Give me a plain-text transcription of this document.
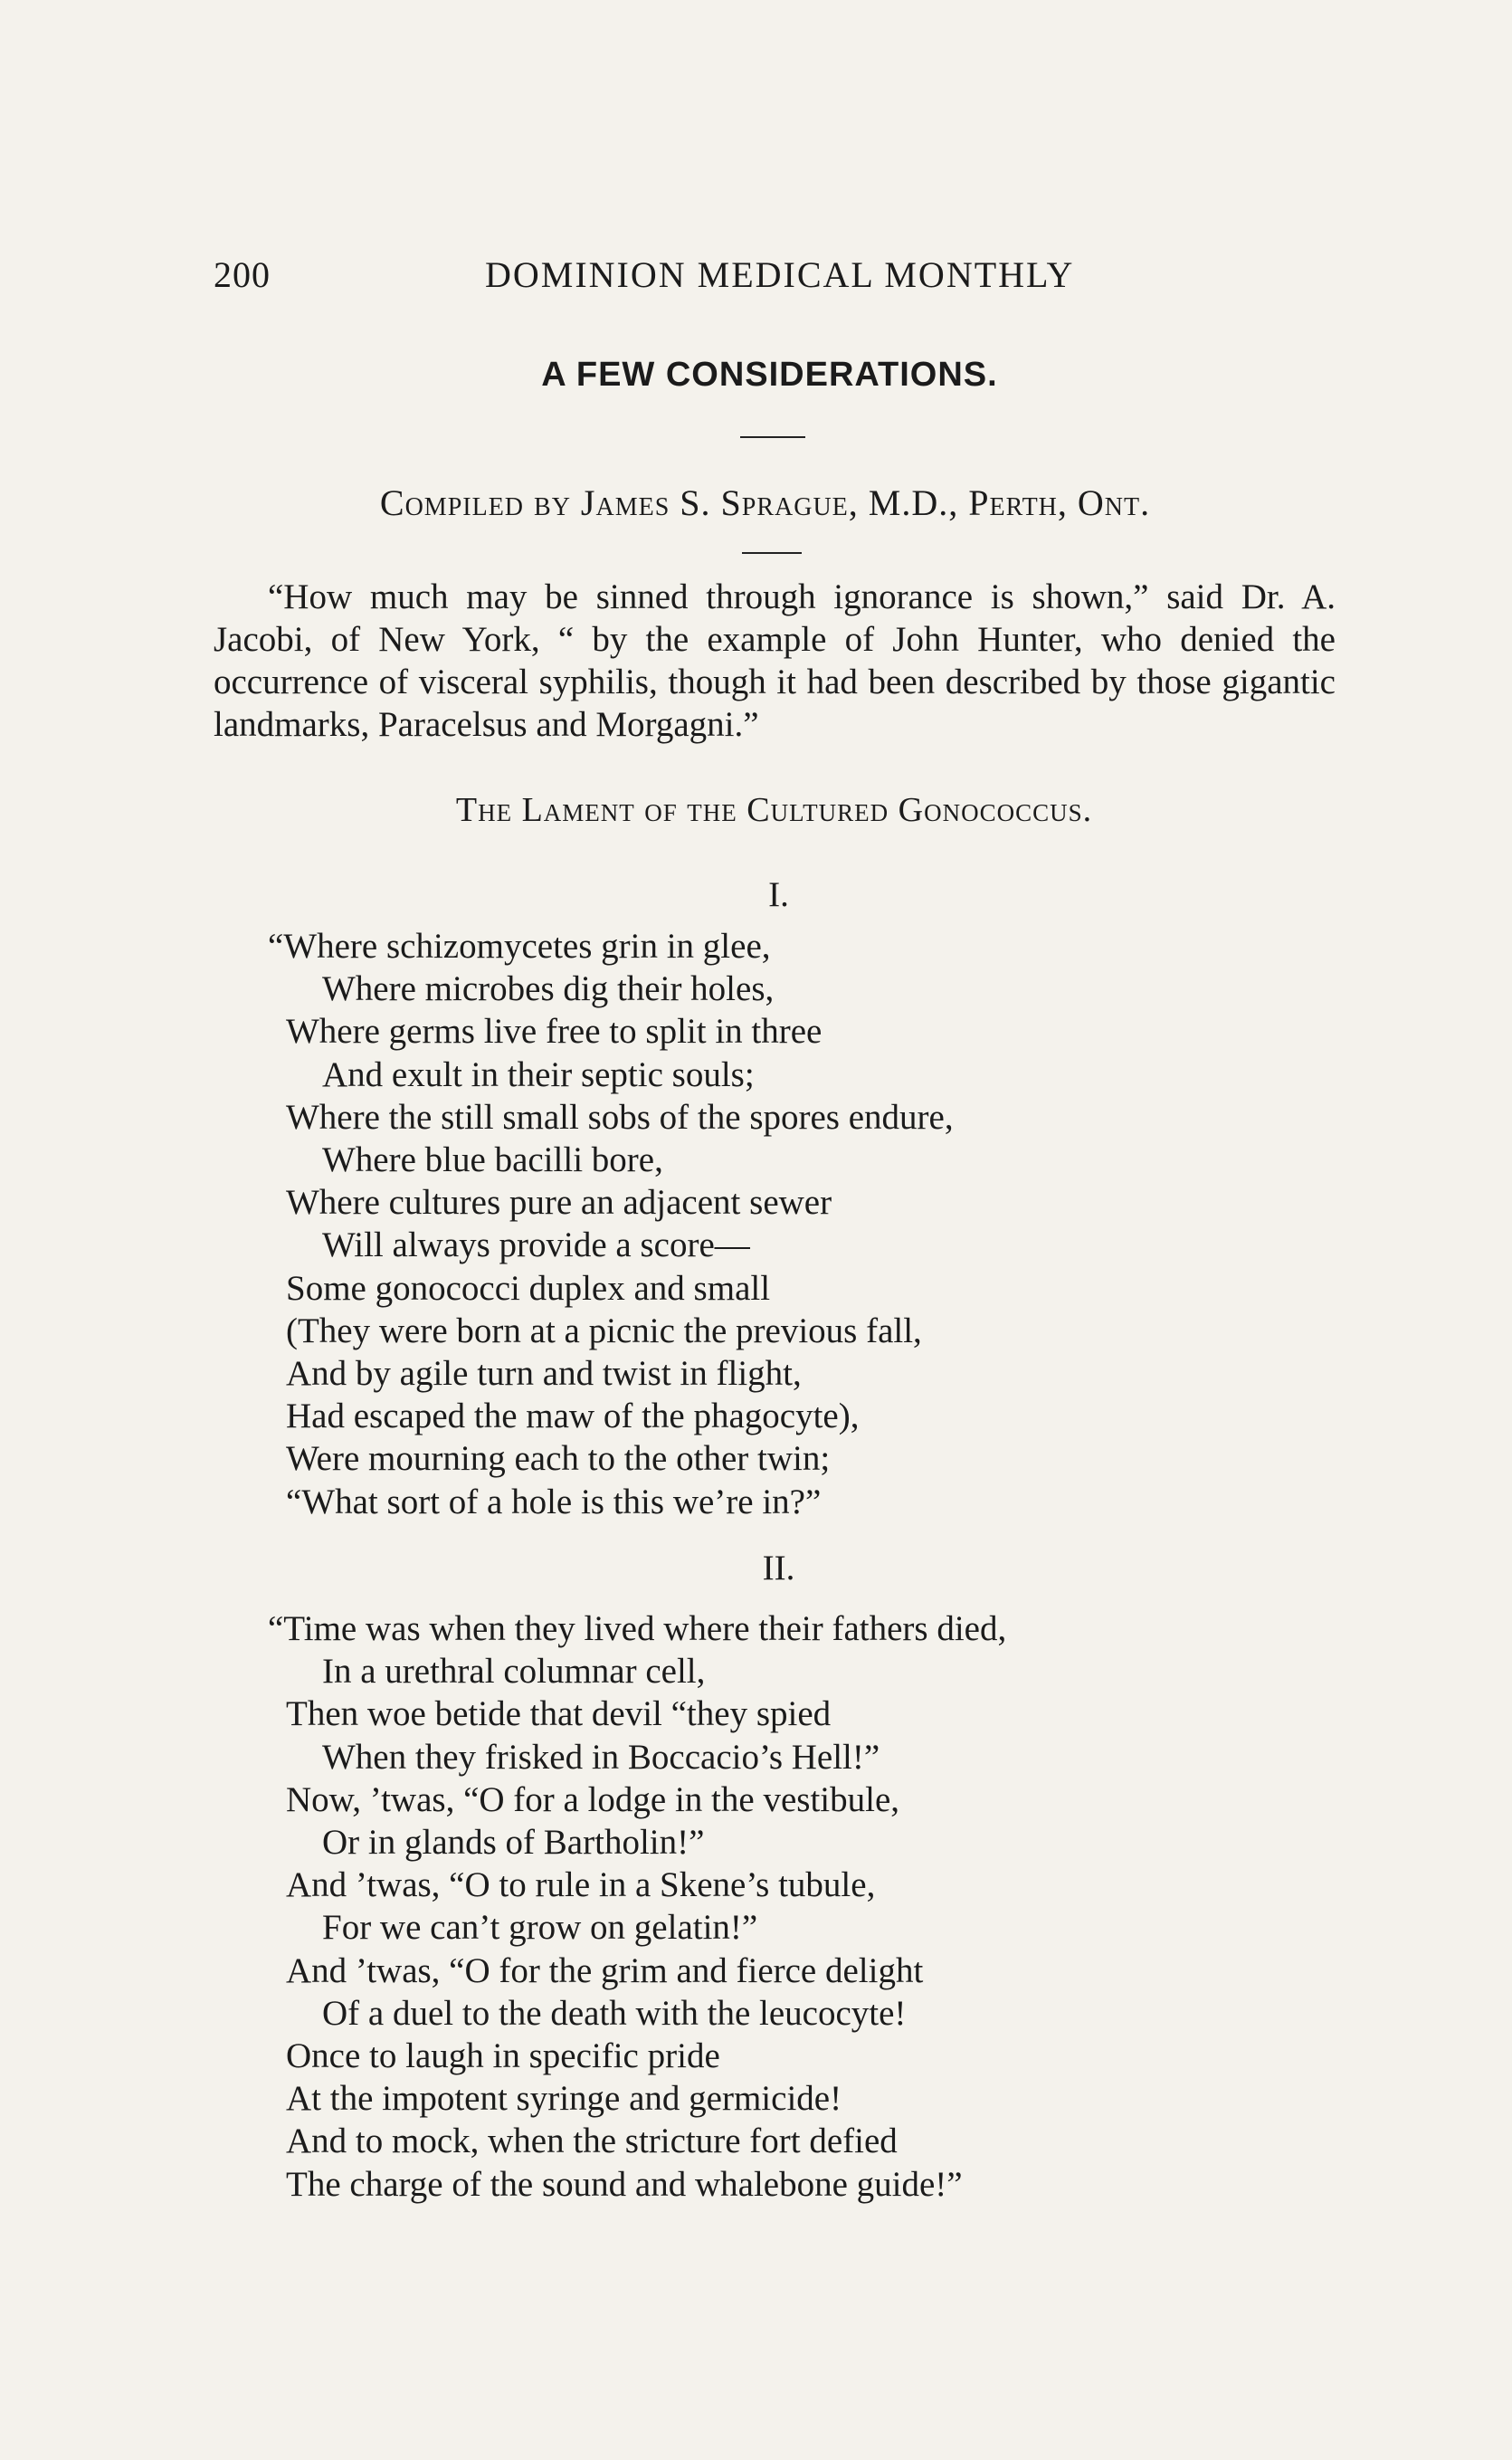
200	DOMINION MEDICAL MONTHLY
A FEW CONSIDERATIONS.
Compiled by James S. Sprague, M.D., Perth, Ont.

“How much may be sinned through ignorance is shown,” said Dr. A. Jacobi, of New York, “ by the example of John Hunter, who denied the occurrence of visceral syphilis, though it had been described by those gigantic landmarks, Paracelsus and Morgagni.”

The Lament of the Cultured Gonococcus.
I.
“Where schizomycetes grin in glee,
Where microbes dig their holes,
Where germs live free to split in three
And exult in their septic souls;
Where the still small sobs of the spores endure,
Where blue bacilli bore,
Where cultures pure an adjacent sewer
Will always provide a score—
Some gonococci duplex and small
(They were born at a picnic the previous fall,
And by agile turn and twist in flight,
Had escaped the maw of the phagocyte),
Were mourning each to the other twin;
“What sort of a hole is this we’re in?”
II.
“Time was when they lived where their fathers died,
In a urethral columnar cell,
Then woe betide that devil “they spied
When they frisked in Boccacio’s Hell!”
Now, ’twas, “O for a lodge in the vestibule,
Or in glands of Bartholin!”
And ’twas, “O to rule in a Skene’s tubule,
For we can’t grow on gelatin!”
And ’twas, “O for the grim and fierce delight
Of a duel to the death with the leucocyte!
Once to laugh in specific pride
At the impotent syringe and germicide!
And to mock, when the stricture fort defied
The charge of the sound and whalebone guide!”
